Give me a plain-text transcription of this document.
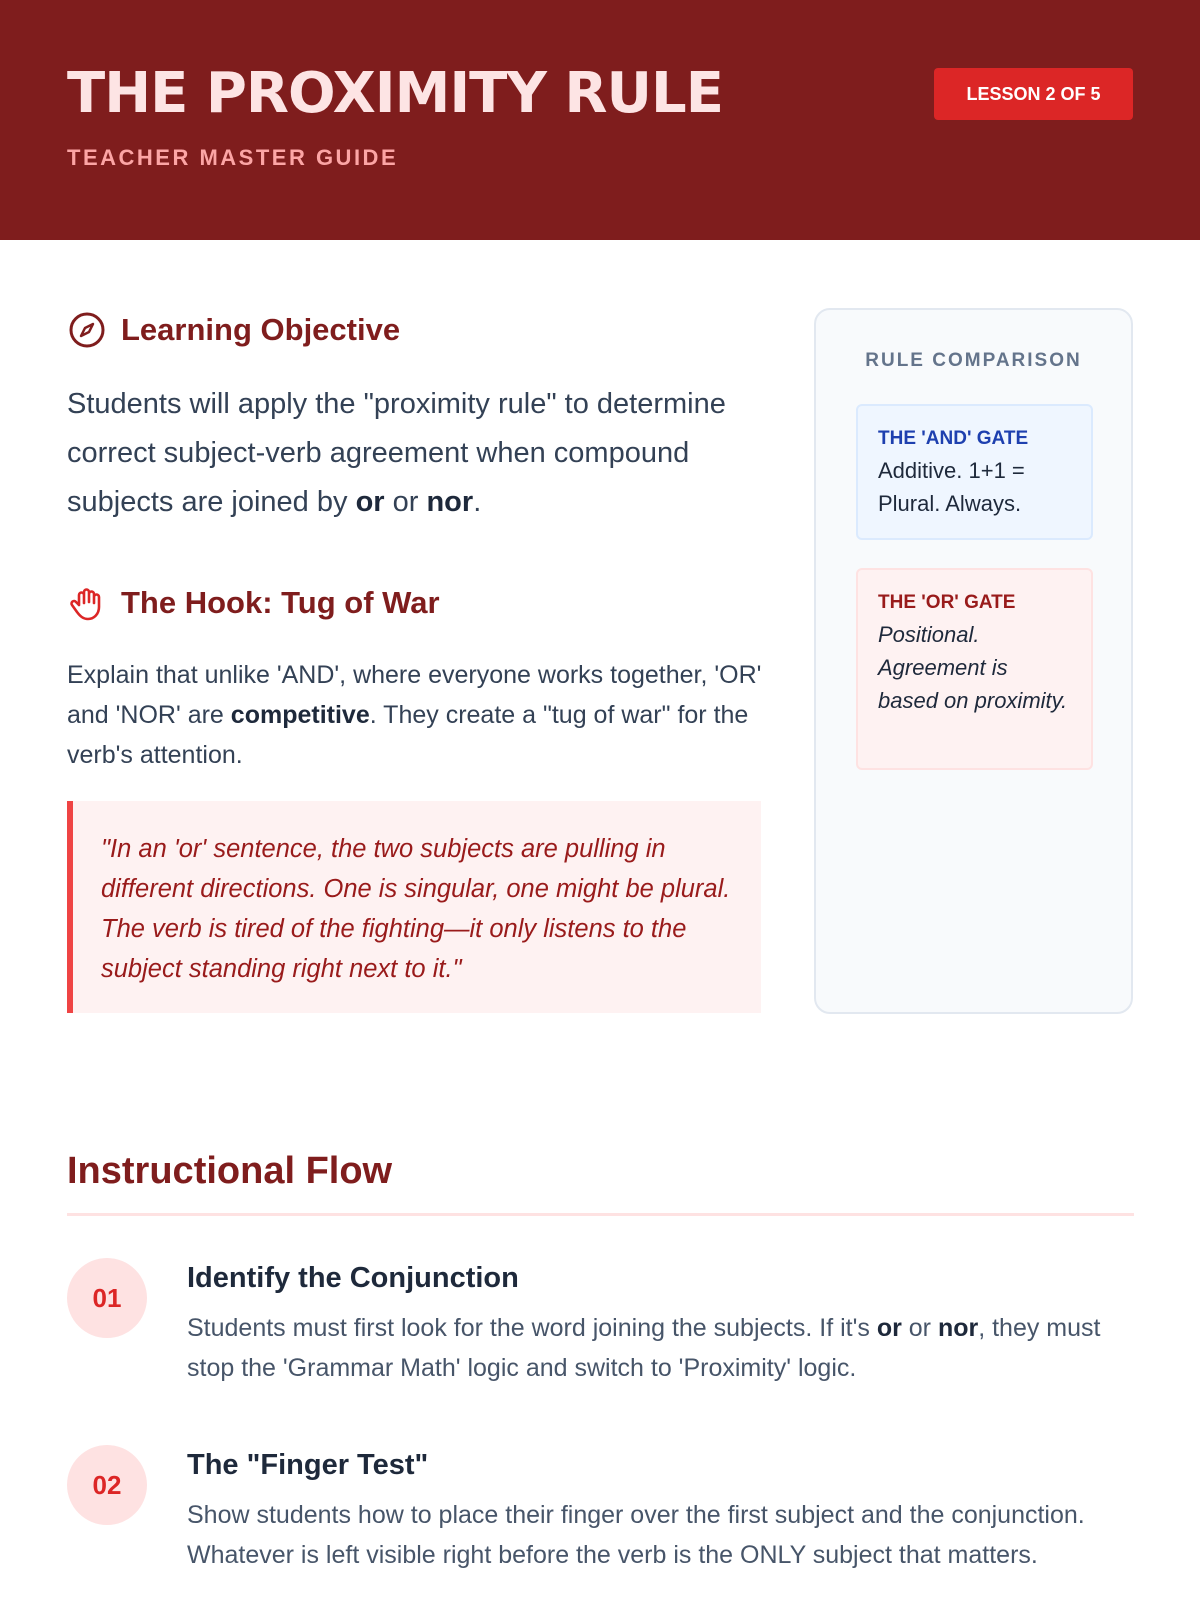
THE PROXIMITY RULE
TEACHER MASTER GUIDE
LESSON 2 OF 5
Learning Objective
Students will apply the "proximity rule" to determine correct subject-verb agreement when compound subjects are joined by or or nor.
The Hook: Tug of War
Explain that unlike 'AND', where everyone works together, 'OR' and 'NOR' are competitive. They create a "tug of war" for the verb's attention.
"In an 'or' sentence, the two subjects are pulling in different directions. One is singular, one might be plural. The verb is tired of the fighting—it only listens to the subject standing right next to it."
RULE COMPARISON
THE 'AND' GATE
Additive. 1+1 = Plural. Always.
THE 'OR' GATE
Positional. Agreement is based on proximity.
Instructional Flow
01
Identify the Conjunction
Students must first look for the word joining the subjects. If it's or or nor, they must stop the 'Grammar Math' logic and switch to 'Proximity' logic.
02
The "Finger Test"
Show students how to place their finger over the first subject and the conjunction. Whatever is left visible right before the verb is the ONLY subject that matters.
